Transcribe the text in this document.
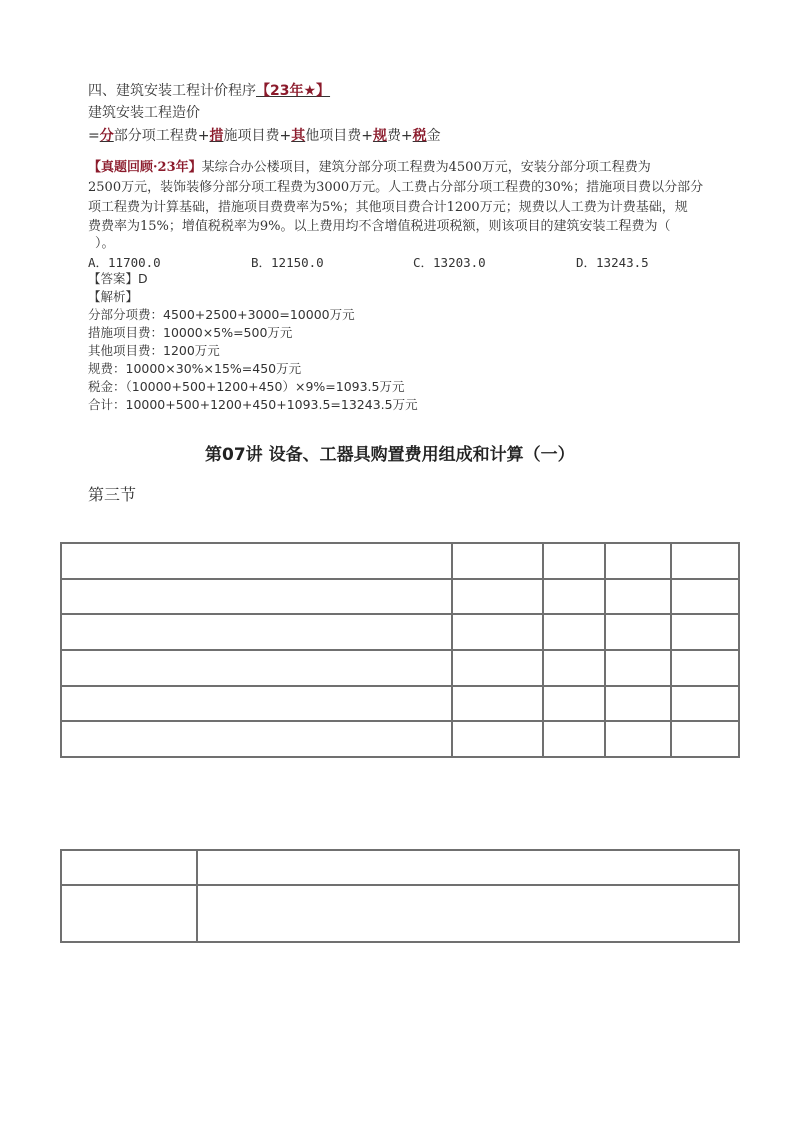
四、建筑安装工程计价程序【23年★】
建筑安装工程造价
=分部分项工程费+措施项目费+其他项目费+规费+税金
【真题回顾·23年】某综合办公楼项目，建筑分部分项工程费为4500万元，安装分部分项工程费为
2500万元，装饰装修分部分项工程费为3000万元。人工费占分部分项工程费的30%；措施项目费以分部分
项工程费为计算基础，措施项目费费率为5%；其他项目费合计1200万元；规费以人工费为计费基础，规
费费率为15%；增值税税率为9%。以上费用均不含增值税进项税额，则该项目的建筑安装工程费为（
）。
A．11700.0	B．12150.0	C．13203.0	D．13243.5
【答案】D
【解析】
分部分项费：4500+2500+3000=10000万元
措施项目费：10000×5%=500万元
其他项目费：1200万元
规费：10000×30%×15%=450万元
税金：（10000+500+1200+450）×9%=1093.5万元
合计：10000+500+1200+450+1093.5=13243.5万元
第07讲 设备、工器具购置费用组成和计算（一）
第三节
